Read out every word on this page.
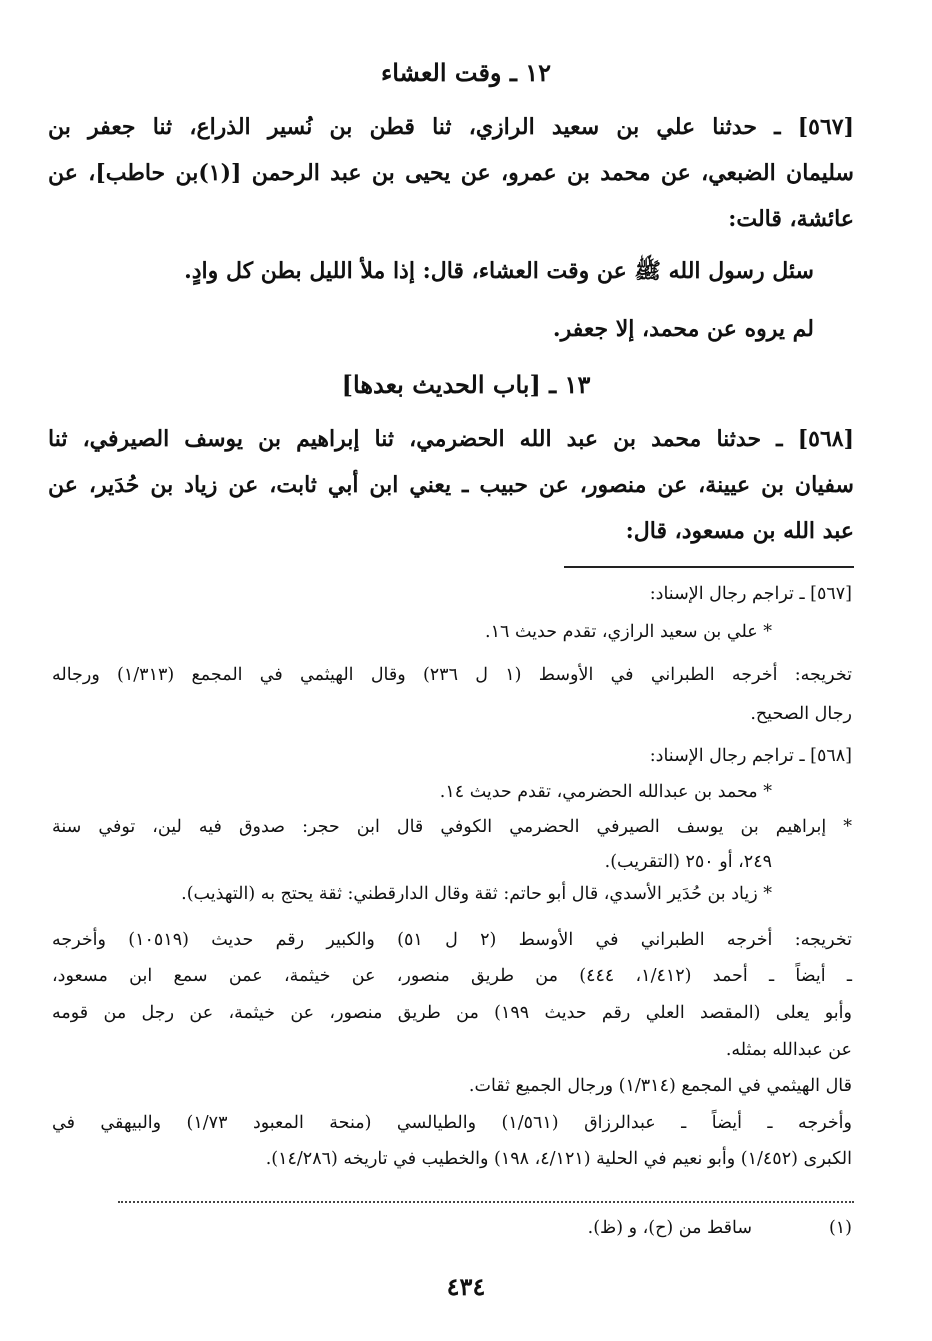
١٢ ـ وقت العشاء
[٥٦٧] ـ حدثنا علي بن سعيد الرازي، ثنا قطن بن نُسير الذراع، ثنا جعفر بن
سليمان الضبعي، عن محمد بن عمرو، عن يحيى بن عبد الرحمن [(١)بن حاطب]، عن
عائشة، قالت:
سئل رسول الله ﷺ عن وقت العشاء، قال: إذا ملأ الليل بطن كل وادٍ.
لم يروه عن محمد، إلا جعفر.
١٣ ـ [باب الحديث بعدها]
[٥٦٨] ـ حدثنا محمد بن عبد الله الحضرمي، ثنا إبراهيم بن يوسف الصيرفي، ثنا
سفيان بن عيينة، عن منصور، عن حبيب ـ يعني ابن أبي ثابت، عن زياد بن حُدَير، عن
عبد الله بن مسعود، قال:
[٥٦٧] ـ تراجم رجال الإسناد:
* علي بن سعيد الرازي، تقدم حديث ١٦.
تخريجه: أخرجه الطبراني في الأوسط (١ ل ٢٣٦) وقال الهيثمي في المجمع (١/٣١٣) ورجاله
رجال الصحيح.
[٥٦٨] ـ تراجم رجال الإسناد:
* محمد بن عبدالله الحضرمي، تقدم حديث ١٤.
* إبراهيم بن يوسف الصيرفي الحضرمي الكوفي قال ابن حجر: صدوق فيه لين، توفي سنة
٢٤٩، أو ٢٥٠ (التقريب).
* زياد بن حُدَير الأسدي، قال أبو حاتم: ثقة وقال الدارقطني: ثقة يحتج به (التهذيب).
تخريجه: أخرجه الطبراني في الأوسط (٢ ل ٥١) والكبير رقم حديث (١٠٥١٩) وأخرجه
ـ أيضاً ـ أحمد (١/٤١٢، ٤٤٤) من طريق منصور، عن خيثمة، عمن سمع ابن مسعود،
وأبو يعلى (المقصد العلي رقم حديث ١٩٩) من طريق منصور، عن خيثمة، عن رجل من قومه
عن عبدالله بمثله.
قال الهيثمي في المجمع (١/٣١٤) ورجال الجميع ثقات.
وأخرجه ـ أيضاً ـ عبدالرزاق (١/٥٦١) والطيالسي (منحة المعبود ١/٧٣) والبيهقي في
الكبرى (١/٤٥٢) وأبو نعيم في الحلية (٤/١٢١، ١٩٨) والخطيب في تاريخه (١٤/٢٨٦).
(١)
ساقط من (ح)، و (ظ).
٤٣٤
